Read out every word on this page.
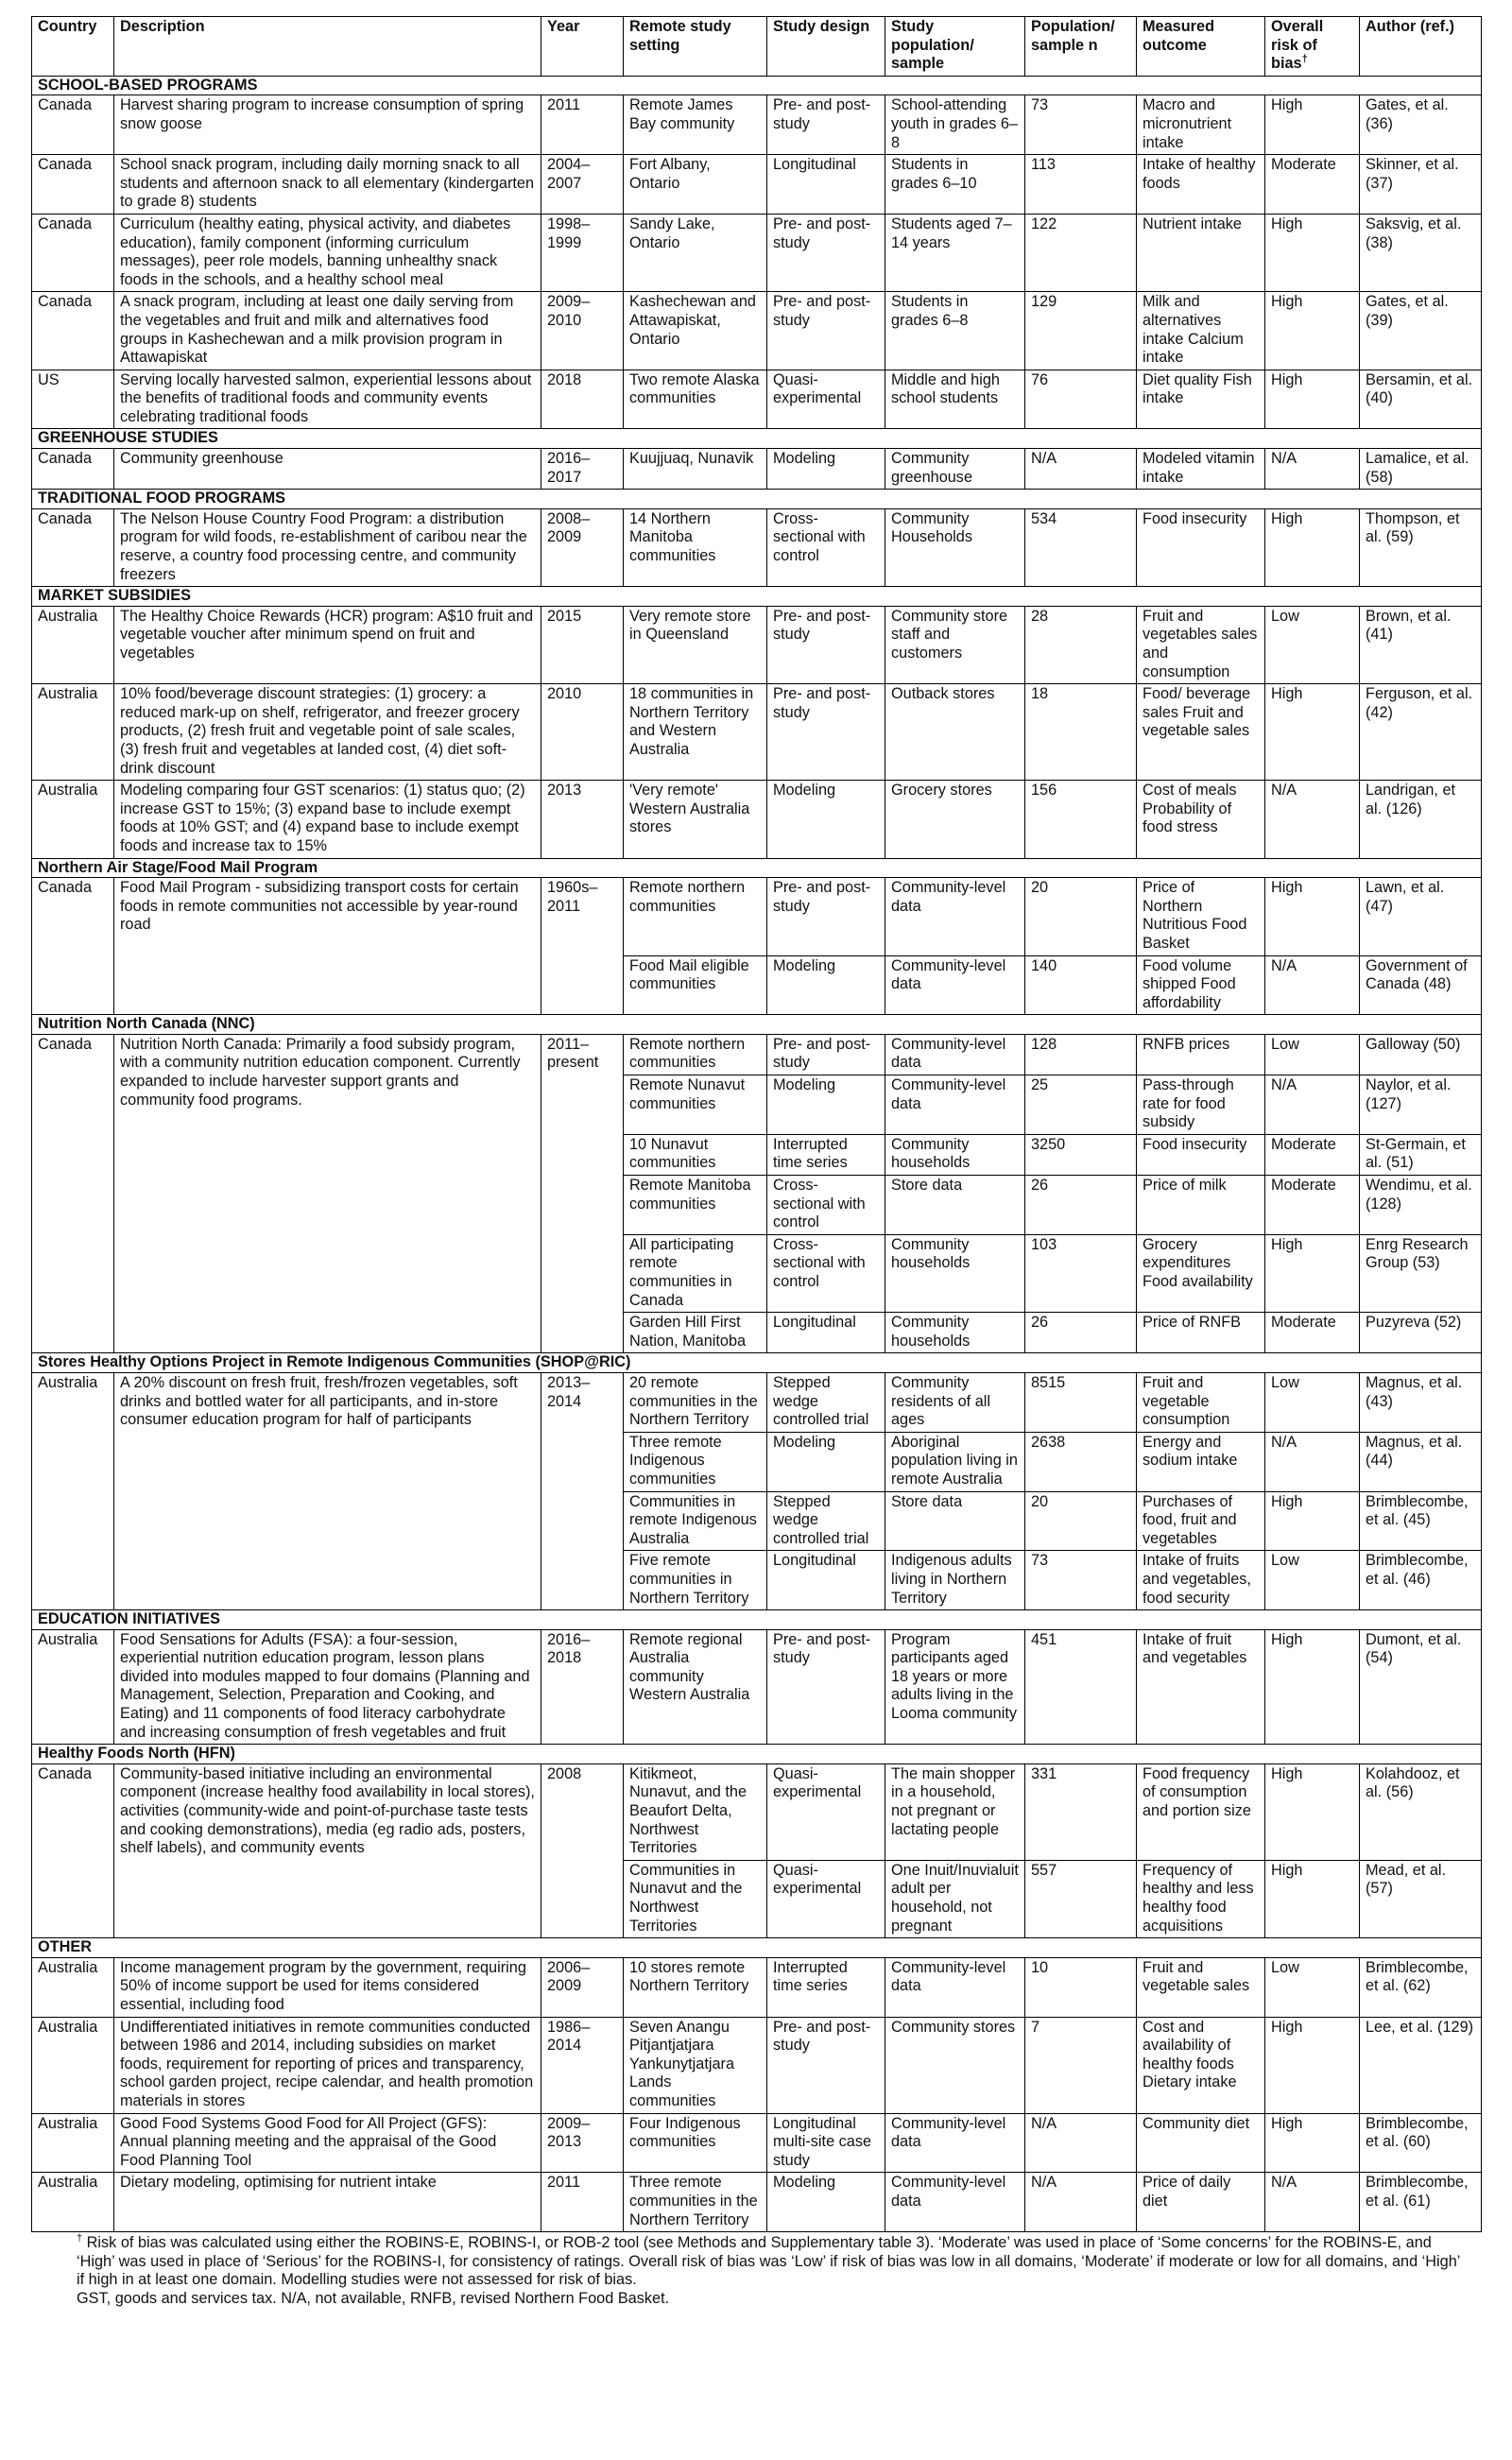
Country	Description	Year	Remote study setting	Study design	Study population/ sample	Population/ sample n	Measured outcome	Overall risk of bias†	Author (ref.)
SCHOOL-BASED PROGRAMS									
Canada	Harvest sharing program to increase consumption of spring snow goose	2011	Remote James Bay community	Pre- and post-study	School-attending youth in grades 6–8	73	Macro and micronutrient intake	High	Gates, et al. (36)
Canada	School snack program, including daily morning snack to all students and afternoon snack to all elementary (kindergarten to grade 8) students	2004–2007	Fort Albany, Ontario	Longitudinal	Students in grades 6–10	113	Intake of healthy foods	Moderate	Skinner, et al. (37)
Canada	Curriculum (healthy eating, physical activity, and diabetes education), family component (informing curriculum messages), peer role models, banning unhealthy snack foods in the schools, and a healthy school meal	1998–1999	Sandy Lake, Ontario	Pre- and post-study	Students aged 7–14 years	122	Nutrient intake	High	Saksvig, et al. (38)
Canada	A snack program, including at least one daily serving from the vegetables and fruit and milk and alternatives food groups in Kashechewan and a milk provision program in Attawapiskat	2009–2010	Kashechewan and Attawapiskat, Ontario	Pre- and post-study	Students in grades 6–8	129	Milk and alternatives intake Calcium intake	High	Gates, et al. (39)
US	Serving locally harvested salmon, experiential lessons about the benefits of traditional foods and community events celebrating traditional foods	2018	Two remote Alaska communities	Quasi-experimental	Middle and high school students	76	Diet quality Fish intake	High	Bersamin, et al. (40)
GREENHOUSE STUDIES									
Canada	Community greenhouse	2016–2017	Kuujjuaq, Nunavik	Modeling	Community greenhouse	N/A	Modeled vitamin intake	N/A	Lamalice, et al. (58)
TRADITIONAL FOOD PROGRAMS									
Canada	The Nelson House Country Food Program: a distribution program for wild foods, re-establishment of caribou near the reserve, a country food processing centre, and community freezers	2008–2009	14 Northern Manitoba communities	Cross-sectional with control	Community Households	534	Food insecurity	High	Thompson, et al. (59)
MARKET SUBSIDIES									
Australia	The Healthy Choice Rewards (HCR) program: A$10 fruit and vegetable voucher after minimum spend on fruit and vegetables	2015	Very remote store in Queensland	Pre- and post-study	Community store staff and customers	28	Fruit and vegetables sales and consumption	Low	Brown, et al. (41)
Australia	10% food/beverage discount strategies: (1) grocery: a reduced mark-up on shelf, refrigerator, and freezer grocery products, (2) fresh fruit and vegetable point of sale scales, (3) fresh fruit and vegetables at landed cost, (4) diet soft-drink discount	2010	18 communities in Northern Territory and Western Australia	Pre- and post-study	Outback stores	18	Food/ beverage sales Fruit and vegetable sales	High	Ferguson, et al. (42)
Australia	Modeling comparing four GST scenarios: (1) status quo; (2) increase GST to 15%; (3) expand base to include exempt foods at 10% GST; and (4) expand base to include exempt foods and increase tax to 15%	2013	'Very remote' Western Australia stores	Modeling	Grocery stores	156	Cost of meals Probability of food stress	N/A	Landrigan, et al. (126)
Northern Air Stage/Food Mail Program									
Canada	Food Mail Program - subsidizing transport costs for certain foods in remote communities not accessible by year-round road	1960s–2011	Remote northern communities	Pre- and post-study	Community-level data	20	Price of Northern Nutritious Food Basket	High	Lawn, et al. (47)
			Food Mail eligible communities	Modeling	Community-level data	140	Food volume shipped Food affordability	N/A	Government of Canada (48)
Nutrition North Canada (NNC)									
Canada	Nutrition North Canada: Primarily a food subsidy program, with a community nutrition education component. Currently expanded to include harvester support grants and community food programs.	2011–present	Remote northern communities	Pre- and post-study	Community-level data	128	RNFB prices	Low	Galloway (50)
			Remote Nunavut communities	Modeling	Community-level data	25	Pass-through rate for food subsidy	N/A	Naylor, et al. (127)
			10 Nunavut communities	Interrupted time series	Community households	3250	Food insecurity	Moderate	St-Germain, et al. (51)
			Remote Manitoba communities	Cross-sectional with control	Store data	26	Price of milk	Moderate	Wendimu, et al. (128)
			All participating remote communities in Canada	Cross-sectional with control	Community households	103	Grocery expenditures Food availability	High	Enrg Research Group (53)
			Garden Hill First Nation, Manitoba	Longitudinal	Community households	26	Price of RNFB	Moderate	Puzyreva (52)
Stores Healthy Options Project in Remote Indigenous Communities (SHOP@RIC)									
Australia	A 20% discount on fresh fruit, fresh/frozen vegetables, soft drinks and bottled water for all participants, and in-store consumer education program for half of participants	2013–2014	20 remote communities in the Northern Territory	Stepped wedge controlled trial	Community residents of all ages	8515	Fruit and vegetable consumption	Low	Magnus, et al. (43)
			Three remote Indigenous communities	Modeling	Aboriginal population living in remote Australia	2638	Energy and sodium intake	N/A	Magnus, et al. (44)
			Communities in remote Indigenous Australia	Stepped wedge controlled trial	Store data	20	Purchases of food, fruit and vegetables	High	Brimblecombe, et al. (45)
			Five remote communities in Northern Territory	Longitudinal	Indigenous adults living in Northern Territory	73	Intake of fruits and vegetables, food security	Low	Brimblecombe, et al. (46)
EDUCATION INITIATIVES									
Australia	Food Sensations for Adults (FSA): a four-session, experiential nutrition education program, lesson plans divided into modules mapped to four domains (Planning and Management, Selection, Preparation and Cooking, and Eating) and 11 components of food literacy carbohydrate and increasing consumption of fresh vegetables and fruit	2016–2018	Remote regional Australia community Western Australia	Pre- and post-study	Program participants aged 18 years or more adults living in the Looma community	451	Intake of fruit and vegetables	High	Dumont, et al. (54)
Healthy Foods North (HFN)									
Canada	Community-based initiative including an environmental component (increase healthy food availability in local stores), activities (community-wide and point-of-purchase taste tests and cooking demonstrations), media (eg radio ads, posters, shelf labels), and community events	2008	Kitikmeot, Nunavut, and the Beaufort Delta, Northwest Territories	Quasi-experimental	The main shopper in a household, not pregnant or lactating people	331	Food frequency of consumption and portion size	High	Kolahdooz, et al. (56)
			Communities in Nunavut and the Northwest Territories	Quasi-experimental	One Inuit/Inuvialuit adult per household, not pregnant	557	Frequency of healthy and less healthy food acquisitions	High	Mead, et al. (57)
OTHER									
Australia	Income management program by the government, requiring 50% of income support be used for items considered essential, including food	2006–2009	10 stores remote Northern Territory	Interrupted time series	Community-level data	10	Fruit and vegetable sales	Low	Brimblecombe, et al. (62)
Australia	Undifferentiated initiatives in remote communities conducted between 1986 and 2014, including subsidies on market foods, requirement for reporting of prices and transparency, school garden project, recipe calendar, and health promotion materials in stores	1986–2014	Seven Anangu Pitjantjatjara Yankunytjatjara Lands communities	Pre- and post-study	Community stores	7	Cost and availability of healthy foods Dietary intake	High	Lee, et al. (129)
Australia	Good Food Systems Good Food for All Project (GFS): Annual planning meeting and the appraisal of the Good Food Planning Tool	2009–2013	Four Indigenous communities	Longitudinal multi-site case study	Community-level data	N/A	Community diet	High	Brimblecombe, et al. (60)
Australia	Dietary modeling, optimising for nutrient intake	2011	Three remote communities in the Northern Territory	Modeling	Community-level data	N/A	Price of daily diet	N/A	Brimblecombe, et al. (61)

† Risk of bias was calculated using either the ROBINS-E, ROBINS-I, or ROB-2 tool (see Methods and Supplementary table 3). ‘Moderate’ was used in place of ‘Some concerns’ for the ROBINS-E, and ‘High’ was used in place of ‘Serious’ for the ROBINS-I, for consistency of ratings. Overall risk of bias was ‘Low’ if risk of bias was low in all domains, ‘Moderate’ if moderate or low for all domains, and ‘High’ if high in at least one domain. Modelling studies were not assessed for risk of bias.

GST, goods and services tax. N/A, not available, RNFB, revised Northern Food Basket.
